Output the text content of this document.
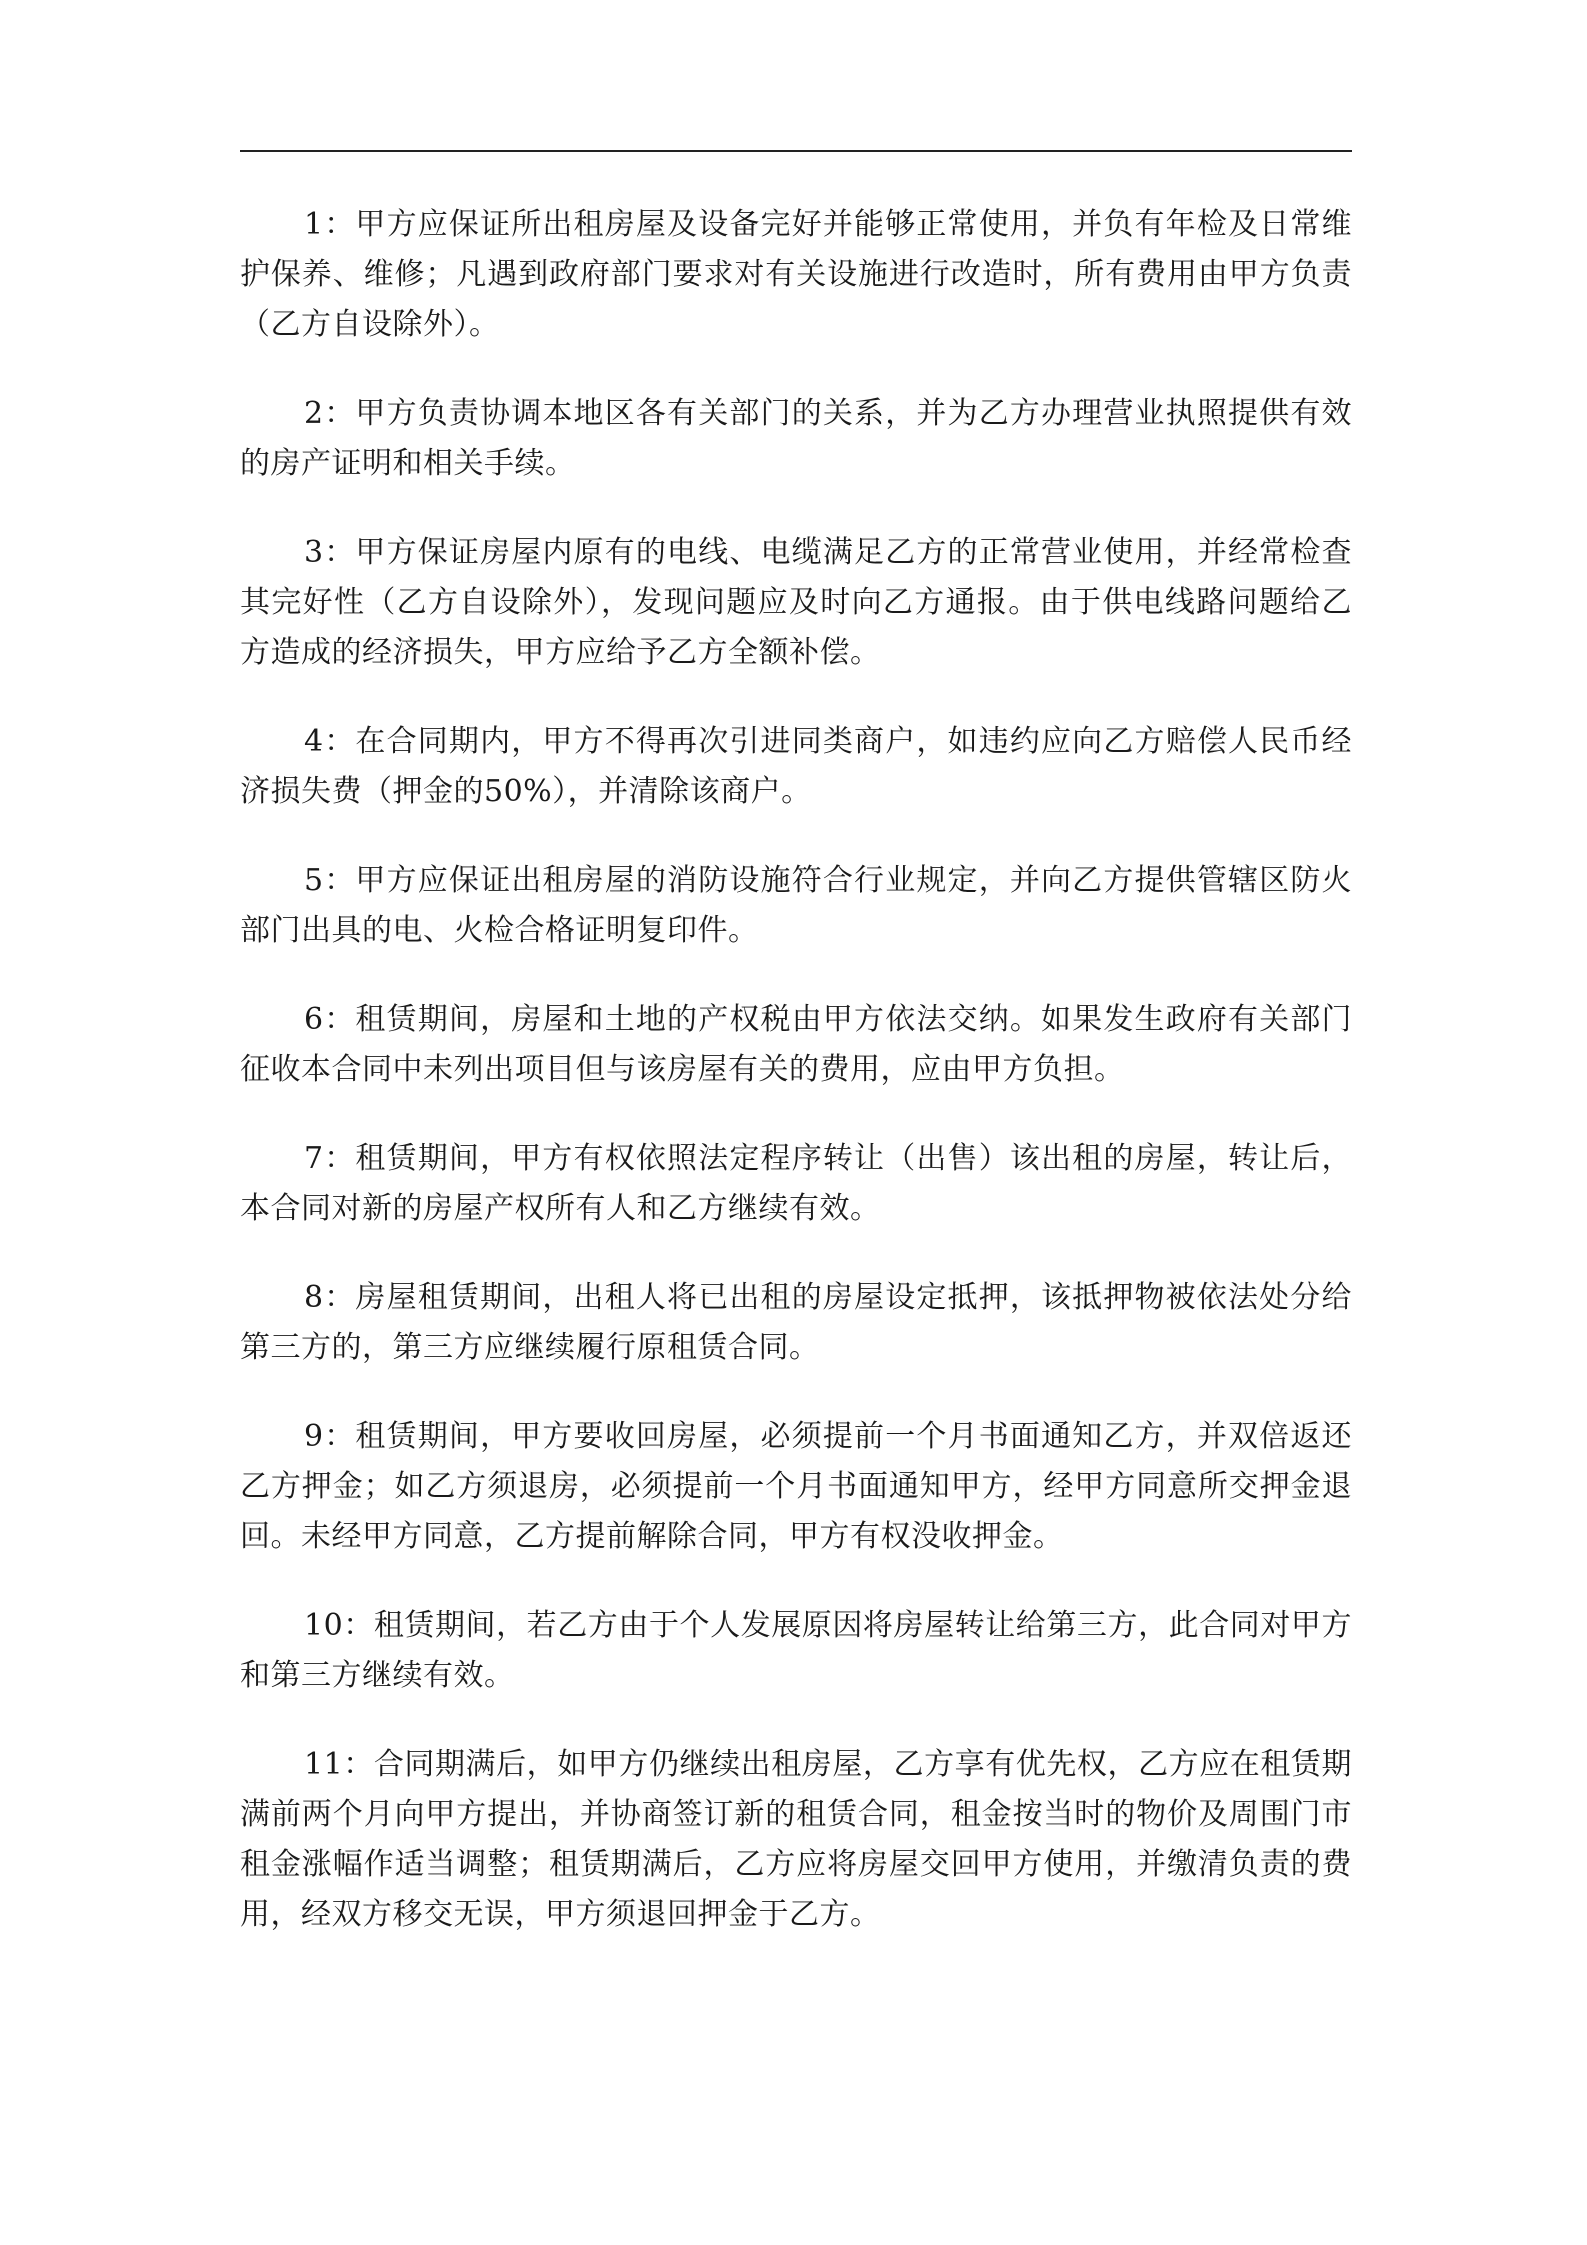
1：甲方应保证所出租房屋及设备完好并能够正常使用，并负有年检及日常维护保养、维修；凡遇到政府部门要求对有关设施进行改造时，所有费用由甲方负责（乙方自设除外）。

2：甲方负责协调本地区各有关部门的关系，并为乙方办理营业执照提供有效的房产证明和相关手续。

3：甲方保证房屋内原有的电线、电缆满足乙方的正常营业使用，并经常检查其完好性（乙方自设除外），发现问题应及时向乙方通报。由于供电线路问题给乙方造成的经济损失，甲方应给予乙方全额补偿。

4：在合同期内，甲方不得再次引进同类商户，如违约应向乙方赔偿人民币经济损失费（押金的50%），并清除该商户。

5：甲方应保证出租房屋的消防设施符合行业规定，并向乙方提供管辖区防火部门出具的电、火检合格证明复印件。

6：租赁期间，房屋和土地的产权税由甲方依法交纳。如果发生政府有关部门征收本合同中未列出项目但与该房屋有关的费用，应由甲方负担。

7：租赁期间，甲方有权依照法定程序转让（出售）该出租的房屋，转让后，本合同对新的房屋产权所有人和乙方继续有效。

8：房屋租赁期间，出租人将已出租的房屋设定抵押，该抵押物被依法处分给第三方的，第三方应继续履行原租赁合同。

9：租赁期间，甲方要收回房屋，必须提前一个月书面通知乙方，并双倍返还乙方押金；如乙方须退房，必须提前一个月书面通知甲方，经甲方同意所交押金退回。未经甲方同意，乙方提前解除合同，甲方有权没收押金。

10：租赁期间，若乙方由于个人发展原因将房屋转让给第三方，此合同对甲方和第三方继续有效。

11：合同期满后，如甲方仍继续出租房屋，乙方享有优先权，乙方应在租赁期满前两个月向甲方提出，并协商签订新的租赁合同，租金按当时的物价及周围门市租金涨幅作适当调整；租赁期满后，乙方应将房屋交回甲方使用，并缴清负责的费用，经双方移交无误，甲方须退回押金于乙方。
